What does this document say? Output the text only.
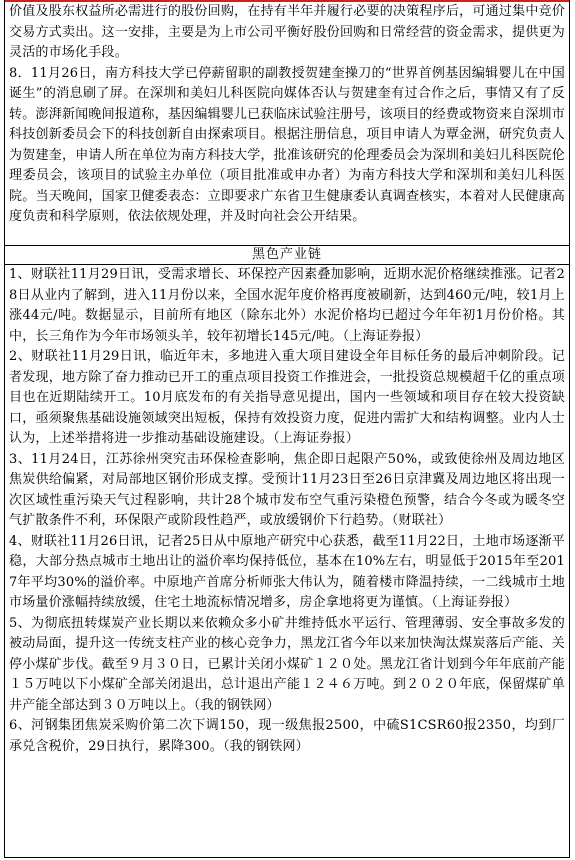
价值及股东权益所必需进行的股份回购，在持有半年并履行必要的决策程序后，可通过集中竞价交易方式卖出。这一安排，主要是为上市公司平衡好股份回购和日常经营的资金需求，提供更为灵活的市场化手段。

8．11月26日，南方科技大学已停薪留职的副教授贺建奎操刀的“世界首例基因编辑婴儿在中国诞生”的消息刷了屏。在深圳和美妇儿科医院向媒体否认与贺建奎有过合作之后，事情又有了反转。澎湃新闻晚间报道称，基因编辑婴儿已获临床试验注册号，该项目的经费或物资来自深圳市科技创新委员会下的科技创新自由探索项目。根据注册信息，项目申请人为覃金洲，研究负责人为贺建奎，申请人所在单位为南方科技大学，批准该研究的伦理委员会为深圳和美妇儿科医院伦理委员会，该项目的试验主办单位（项目批准或申办者）为南方科技大学和深圳和美妇儿科医院。当天晚间，国家卫健委表态：立即要求广东省卫生健康委认真调查核实，本着对人民健康高度负责和科学原则，依法依规处理，并及时向社会公开结果。

黑色产业链

1、财联社11月29日讯，受需求增长、环保控产因素叠加影响，近期水泥价格继续推涨。记者28日从业内了解到，进入11月份以来，全国水泥年度价格再度被刷新，达到460元/吨，较1月上涨44元/吨。数据显示，目前所有地区（除东北外）水泥价格均已超过今年年初1月份价格。其中，长三角作为今年市场领头羊，较年初增长145元/吨。（上海证券报）

2、财联社11月29日讯，临近年末，多地进入重大项目建设全年目标任务的最后冲刺阶段。记者发现，地方除了奋力推动已开工的重点项目投资工作推进会，一批投资总规模超千亿的重点项目也在近期陆续开工。10月底发布的有关指导意见提出，国内一些领域和项目存在较大投资缺口，亟须聚焦基础设施领域突出短板，保持有效投资力度，促进内需扩大和结构调整。业内人士认为，上述举措将进一步推动基础设施建设。（上海证券报）

3、11月24日，江苏徐州突究击环保检查影响，焦企即日起限产50%，或致使徐州及周边地区焦炭供给偏紧，对局部地区钢价形成支撑。受预计11月23日至26日京津冀及周边地区将出现一次区域性重污染天气过程影响，共计28个城市发布空气重污染橙色预警，结合今冬或为暖冬空气扩散条件不利，环保限产或阶段性趋严，或放缓钢价下行趋势。（财联社）

4、财联社11月26日讯，记者25日从中原地产研究中心获悉，截至11月22日，土地市场逐渐平稳，大部分热点城市土地出让的溢价率均保持低位，基本在10%左右，明显低于2015年至2017年平均30%的溢价率。中原地产首席分析师张大伟认为，随着楼市降温持续，一二线城市土地市场量价涨幅持续放缓，住宅土地流标情况增多，房企拿地将更为谨慎。（上海证券报）

5、为彻底扭转煤炭产业长期以来依赖众多小矿井维持低水平运行、管理薄弱、安全事故多发的被动局面，提升这一传统支柱产业的核心竞争力，黑龙江省今年以来加快淘汰煤炭落后产能、关停小煤矿步伐。截至９月３０日，已累计关闭小煤矿１２０处。黑龙江省计划到今年年底前产能１５万吨以下小煤矿全部关闭退出，总计退出产能１２４６万吨。到２０２０年底，保留煤矿单井产能全部达到３０万吨以上。（我的钢铁网）

6、河钢集团焦炭采购价第二次下调150，现一级焦报2500，中硫S1CSR60报2350，均到厂承兑含税价，29日执行，累降300。（我的钢铁网）
